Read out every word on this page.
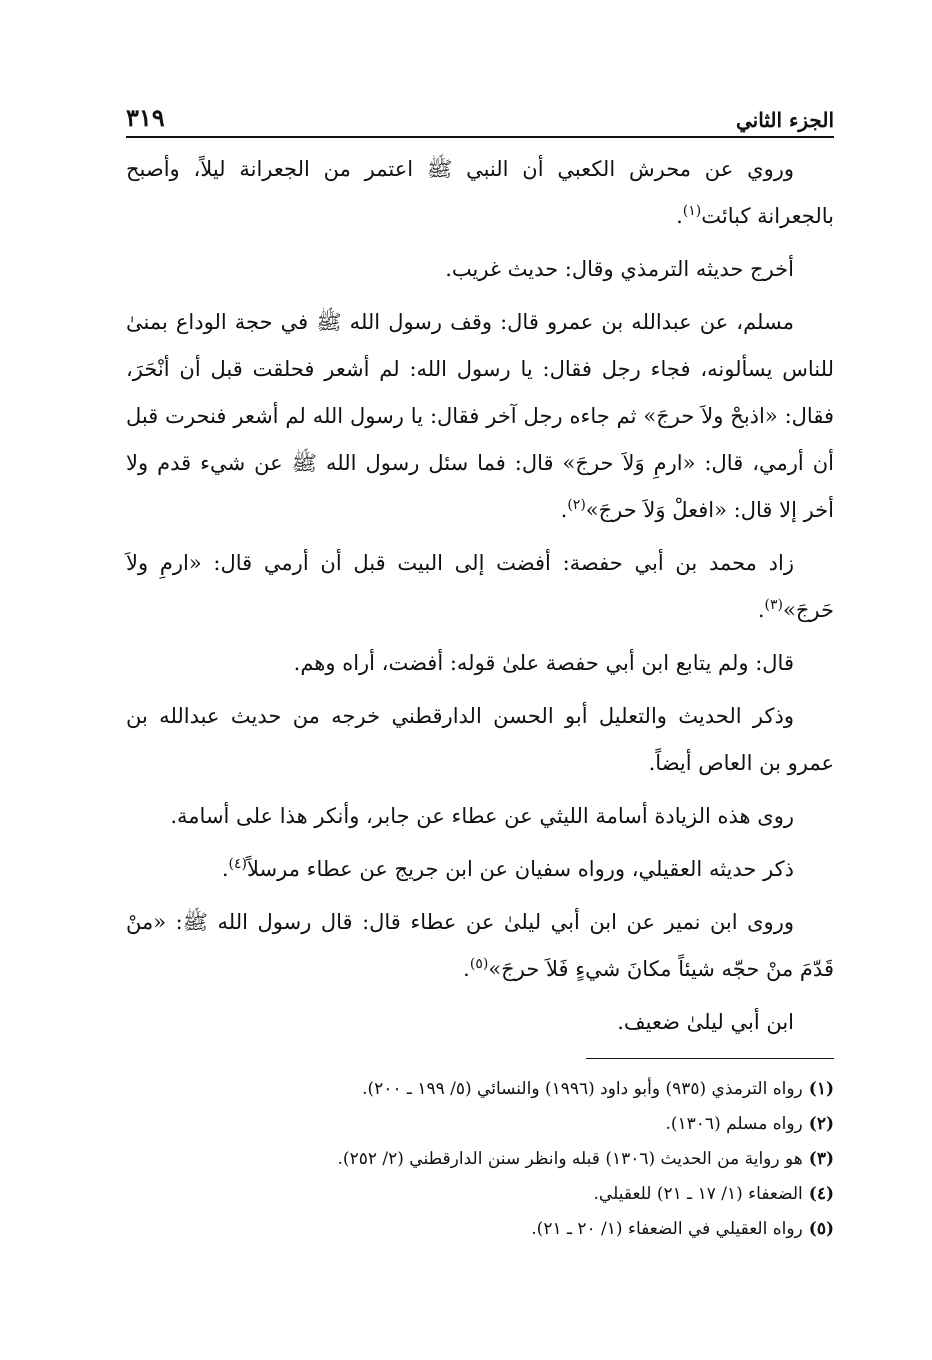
الجزء الثاني
٣١٩

وروي عن محرش الكعبي أن النبي ﷺ اعتمر من الجعرانة ليلاً، وأصبح بالجعرانة كبائت$^{(١)}$.

أخرج حديثه الترمذي وقال: حديث غريب.

مسلم، عن عبدالله بن عمرو قال: وقف رسول الله ﷺ في حجة الوداع بمنىٰ للناس يسألونه، فجاء رجل فقال: يا رسول الله: لم أشعر فحلقت قبل أن أنْحَرَ، فقال: «اذبحْ ولاَ حرجَ» ثم جاءه رجل آخر فقال: يا رسول الله لم أشعر فنحرت قبل أن أرمي، قال: «ارمِ وَلاَ حرجَ» قال: فما سئل رسول الله ﷺ عن شيء قدم ولا أخر إلا قال: «افعلْ وَلاَ حرجَ»$^{(٢)}$.

زاد محمد بن أبي حفصة: أفضت إلى البيت قبل أن أرمي قال: «ارمِ ولاَ حَرجَ»$^{(٣)}$.

قال: ولم يتابع ابن أبي حفصة علىٰ قوله: أفضت، أراه وهم.

وذكر الحديث والتعليل أبو الحسن الدارقطني خرجه من حديث عبدالله بن عمرو بن العاص أيضاً.

روى هذه الزيادة أسامة الليثي عن عطاء عن جابر، وأنكر هذا على أسامة.

ذكر حديثه العقيلي، ورواه سفيان عن ابن جريج عن عطاء مرسلاً$^{(٤)}$.

وروى ابن نمير عن ابن أبي ليلىٰ عن عطاء قال: قال رسول الله ﷺ: «منْ قَدّمَ منْ حجّه شيئاً مكانَ شيءٍ فَلاَ حرجَ»$^{(٥)}$.

ابن أبي ليلىٰ ضعيف.

(١)رواه الترمذي (٩٣٥) وأبو داود (١٩٩٦) والنسائي (٥/ ١٩٩ ـ ٢٠٠).

(٢)رواه مسلم (١٣٠٦).

(٣)هو رواية من الحديث (١٣٠٦) قبله وانظر سنن الدارقطني (٢/ ٢٥٢).

(٤)الضعفاء (١/ ١٧ ـ ٢١) للعقيلي.

(٥)رواه العقيلي في الضعفاء (١/ ٢٠ ـ ٢١).
